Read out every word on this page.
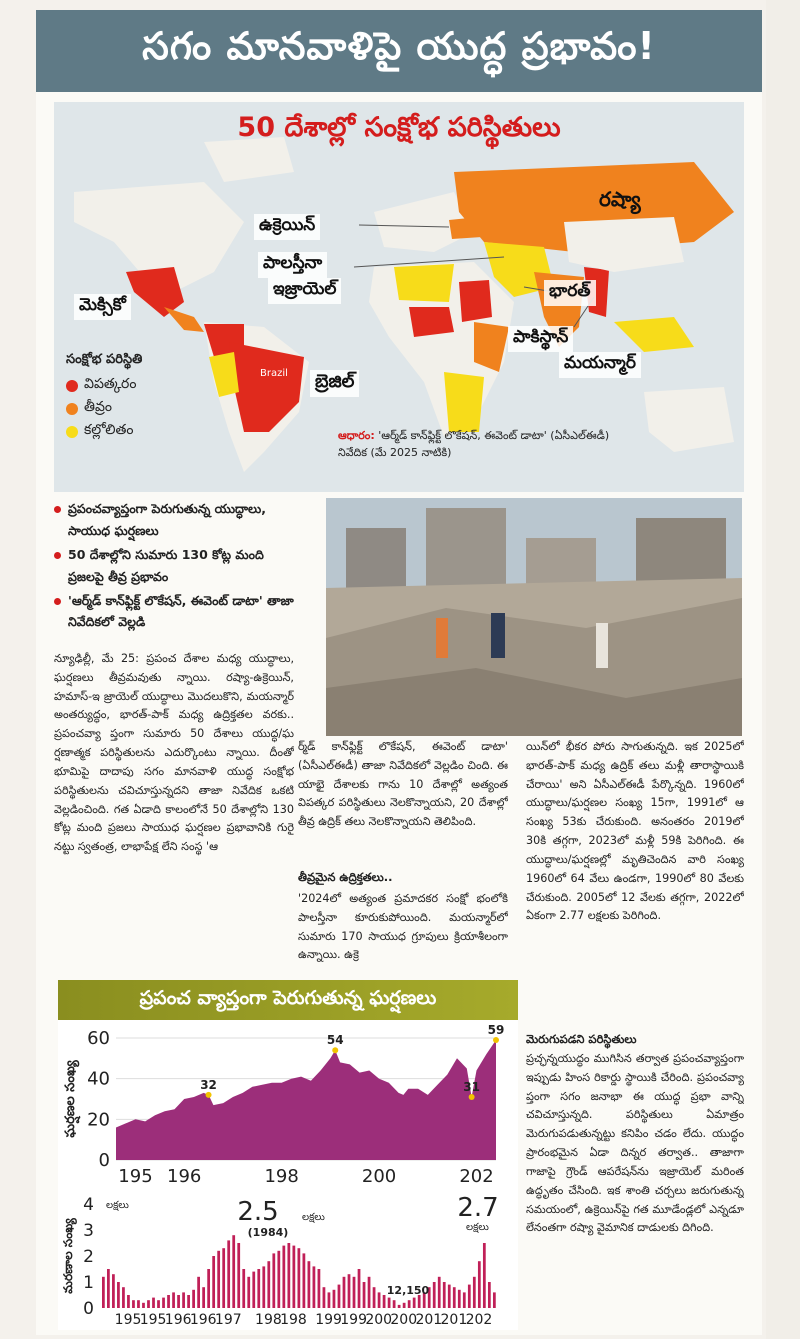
సగం మానవాళిపై యుద్ధ ప్రభావం!
50 దేశాల్లో సంక్షోభ పరిస్థితులు
రష్యా
ఉక్రెయిన్
పాలస్తీనా
ఇజ్రాయెల్
మెక్సికో
భారత్
పాకిస్థాన్
మయన్మార్
బ్రెజిల్
Brazil
సంక్షోభ పరిస్థితి
విపత్కరం
తీవ్రం
కల్లోలితం	ఆధారం: 'ఆర్మ్‌డ్ కాన్‌ఫ్లిక్ట్ లొకేషన్, ఈవెంట్ డాటా' (ఏసీఎల్ఈడీ) నివేదిక (మే 2025 నాటికి)
ప్రపంచవ్యాప్తంగా పెరుగుతున్న యుద్ధాలు, సాయుధ ఘర్షణలు
50 దేశాల్లోని సుమారు 130 కోట్ల మంది ప్రజలపై తీవ్ర ప్రభావం
'ఆర్మ్‌డ్ కాన్‌ఫ్లిక్ట్ లొకేషన్, ఈవెంట్ డాటా' తాజా నివేదికలో వెల్లడి
న్యూఢిల్లీ, మే 25: ప్రపంచ దేశాల మధ్య యుద్ధాలు, ఘర్షణలు తీవ్రమవుతు న్నాయి. రష్యా-ఉక్రెయిన్, హమాస్-ఇ జ్రాయెల్ యుద్ధాలు మొదలుకొని, మయన్మార్ అంతర్యుద్ధం, భారత్-పాక్ మధ్య ఉద్రిక్తతల వరకు.. ప్రపంచవ్యా ప్తంగా సుమారు 50 దేశాలు యుద్ధ/ఘ ర్షణాత్మక పరిస్థితులను ఎదుర్కొంటు న్నాయి. దీంతో భూమిపై దాదాపు సగం మానవాళి యుద్ధ సంక్షోభ పరిస్థితులను చవిచూస్తున్నదని తాజా నివేదిక ఒకటి వెల్లడించింది. గత ఏడాది కాలంలోనే 50 దేశాల్లోని 130 కోట్ల మంది ప్రజలు సాయుధ ఘర్షణల ప్రభావానికి గురై నట్టు స్వతంత్ర, లాభాపేక్ష లేని సంస్థ 'ఆ
ర్మ్‌డ్ కాన్‌ఫ్లిక్ట్ లొకేషన్, ఈవెంట్ డాటా' (ఏసీఎల్ఈడీ) తాజా నివేదికలో వెల్లడిం చింది. ఈ యాభై దేశాలకు గాను 10 దేశాల్లో అత్యంత విపత్కర పరిస్థితులు నెలకొన్నాయని, 20 దేశాల్లో తీవ్ర ఉద్రిక్ తలు నెలకొన్నాయని తెలిపింది.
తీవ్రమైన ఉద్రిక్తతలు..
'2024లో అత్యంత ప్రమాదకర సంక్షో భంలోకి పాలస్తీనా కూరుకుపోయింది. మయన్మార్‌లో సుమారు 170 సాయుధ గ్రూపులు క్రియాశీలంగా ఉన్నాయి. ఉక్రె
యిన్‌లో భీకర పోరు సాగుతున్నది. ఇక 2025లో భారత్-పాక్ మధ్య ఉద్రిక్ తలు మళ్లీ తారాస్థాయికి చేరాయి' అని ఏసీఎల్ఈడీ పేర్కొన్నది. 1960లో యుద్ధాలు/ఘర్షణల సంఖ్య 15గా, 1991లో ఆ సంఖ్య 53కు చేరుకుంది. అనంతరం 2019లో 30కి తగ్గగా, 2023లో మళ్లీ 59కి పెరిగింది. ఈ యుద్ధాలు/ఘర్షణల్లో మృతిచెందిన వారి సంఖ్య 1960లో 64 వేలు ఉండగా, 1990లో 80 వేలకు చేరుకుంది. 2005లో 12 వేలకు తగ్గగా, 2022లో ఏకంగా 2.77 లక్షలకు పెరిగింది.
మెరుగుపడని పరిస్థితులు
ప్రచ్ఛన్నయుద్ధం ముగిసిన తర్వాత ప్రపంచవ్యాప్తంగా ఇప్పుడు హింస రికార్డు స్థాయికి చేరింది. ప్రపంచవ్యా ప్తంగా సగం జనాభా ఈ యుద్ధ ప్రభా వాన్ని చవిచూస్తున్నది. పరిస్థితులు ఏమాత్రం మెరుగుపడుతున్నట్టు కనిపిం చడం లేదు. యుద్ధం ప్రారంభమైన ఏడా దిన్నర తర్వాత.. తాజాగా గాజాపై గ్రౌండ్ ఆపరేషన్‌ను ఇజ్రాయెల్ మరింత ఉద్ధృతం చేసింది. ఇక శాంతి చర్చలు జరుగుతున్న సమయంలో, ఉక్రెయిన్‌పై గత మూడేండ్లలో ఎన్నడూ లేనంతగా రష్యా వైమానిక దాడులకు దిగింది.
ప్రపంచ వ్యాప్తంగా పెరుగుతున్న ఘర్షణలు
0
20
40
60
32
54
31
59
195 196	198	200	202
ఘర్షణల సంఖ్య
0
1
2
3
4 లక్షలు	2.5 లక్షలు
(1984)
2.7
లక్షలు
12,150
195
195
196
196
197 198
198 199
199
200
200
201
201
202
మరణాల సంఖ్య
